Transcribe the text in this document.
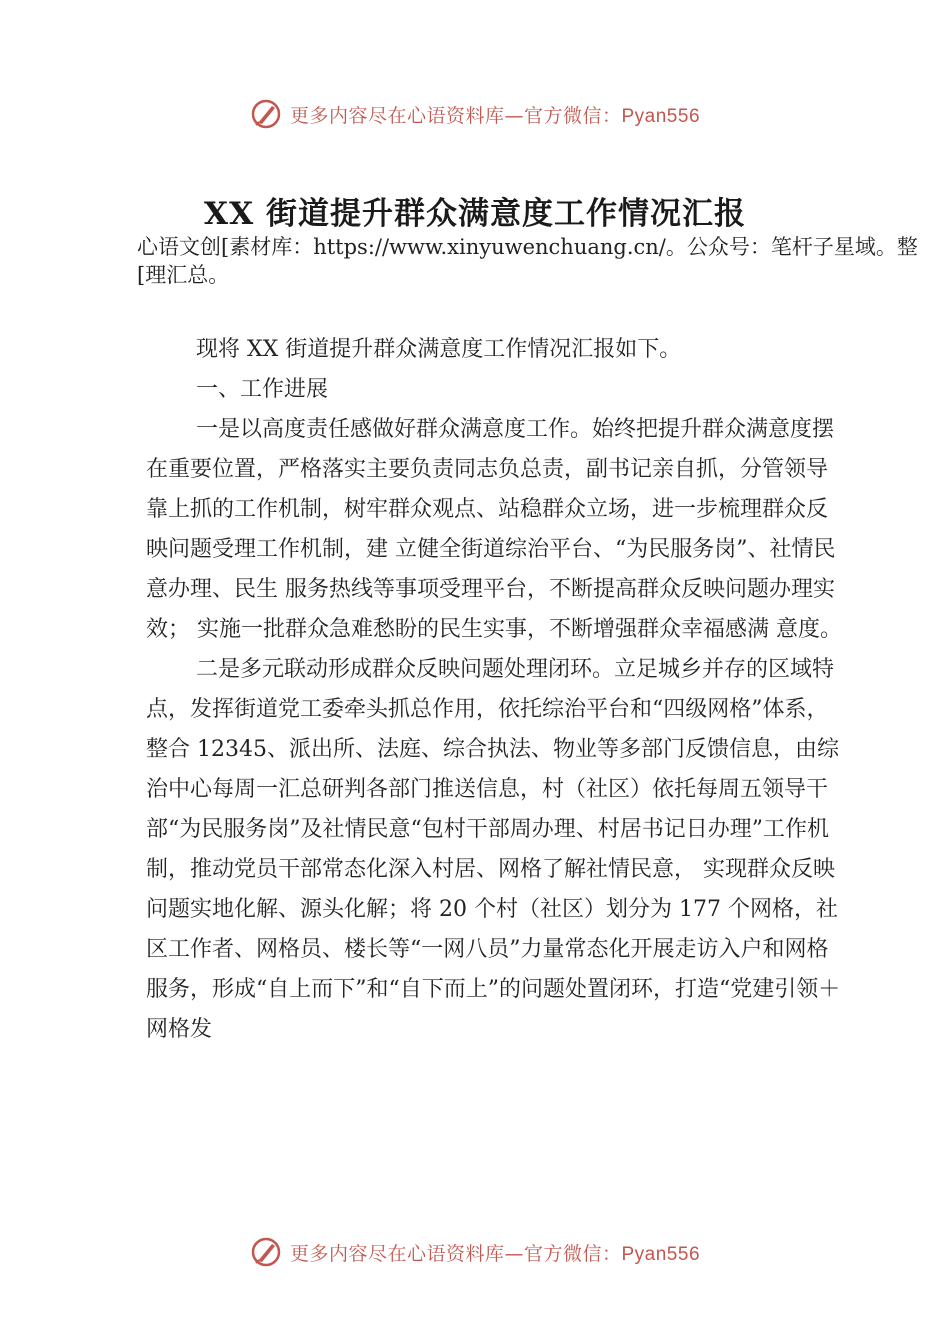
更多内容尽在心语资料库—官方微信：Pyan556
XX 街道提升群众满意度工作情况汇报

心语文创[素材库：https://www.xinyuwenchuang.cn/。公众号：笔杆子星域。整[理汇总。

现将 XX 街道提升群众满意度工作情况汇报如下。

一、工作进展

一是以高度责任感做好群众满意度工作。始终把提升群众满意度摆在重要位置，严格落实主要负责同志负总责，副书记亲自抓，分管领导靠上抓的工作机制，树牢群众观点、站稳群众立场，进一步梳理群众反映问题受理工作机制，建 立健全街道综治平台、“为民服务岗”、社情民意办理、民生 服务热线等事项受理平台，不断提高群众反映问题办理实效； 实施一批群众急难愁盼的民生实事，不断增强群众幸福感满 意度。

二是多元联动形成群众反映问题处理闭环。立足城乡并存的区域特点，发挥街道党工委牵头抓总作用，依托综治平台和“四级网格”体系，整合 12345、派出所、法庭、综合执法、物业等多部门反馈信息，由综治中心每周一汇总研判各部门推送信息，村（社区）依托每周五领导干部“为民服务岗”及社情民意“包村干部周办理、村居书记日办理”工作机制，推动党员干部常态化深入村居、网格了解社情民意， 实现群众反映问题实地化解、源头化解；将 20 个村（社区）划分为 177 个网格，社区工作者、网格员、楼长等“一网八员”力量常态化开展走访入户和网格服务，形成“自上而下”和“自下而上”的问题处置闭环，打造“党建引领＋网格发

更多内容尽在心语资料库—官方微信：Pyan556
